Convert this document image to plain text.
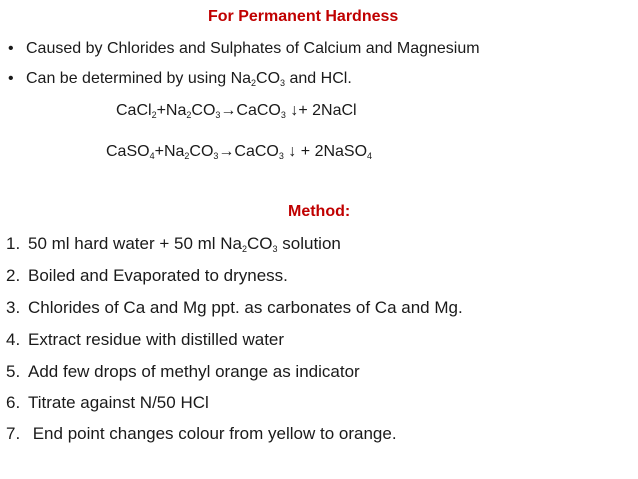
For Permanent Hardness
• Caused by Chlorides and Sulphates of Calcium and Magnesium
• Can be determined by using $Na_2CO_3$ and HCl.
$CaCl_2+Na_2CO_3\to CaCO_3$ ↓+ 2NaCl
$CaSO_4+Na_2CO_3\to CaCO_3$ ↓ + 2NaSO$_4$
Method:
1. 50 ml hard water + 50 ml $Na_2CO_3$ solution
2. Boiled and Evaporated to dryness.
3. Chlorides of Ca and Mg ppt. as carbonates of Ca and Mg.
4. Extract residue with distilled water
5. Add few drops of methyl orange as indicator
6. Titrate against N/50 HCl
7. End point changes colour from yellow to orange.
